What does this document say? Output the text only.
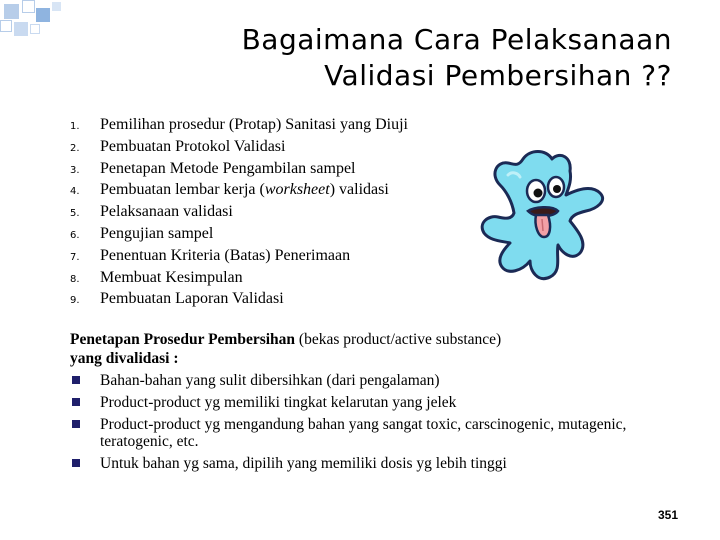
Bagaimana Cara Pelaksanaan
Validasi Pembersihan ??
1. Pemilihan prosedur (Protap) Sanitasi yang Diuji
2. Pembuatan Protokol Validasi
3. Penetapan Metode Pengambilan sampel
4. Pembuatan lembar kerja (worksheet) validasi
5. Pelaksanaan validasi
6. Pengujian sampel
7. Penentuan Kriteria (Batas) Penerimaan
8. Membuat Kesimpulan
9. Pembuatan Laporan Validasi
Penetapan Prosedur Pembersihan (bekas product/active substance)
yang divalidasi :
Bahan-bahan yang sulit dibersihkan (dari pengalaman)
Product-product yg memiliki tingkat kelarutan yang jelek
Product-product yg mengandung bahan yang sangat toxic, carscinogenic, mutagenic, teratogenic, etc.
Untuk bahan yg sama, dipilih yang memiliki dosis yg lebih tinggi
351
